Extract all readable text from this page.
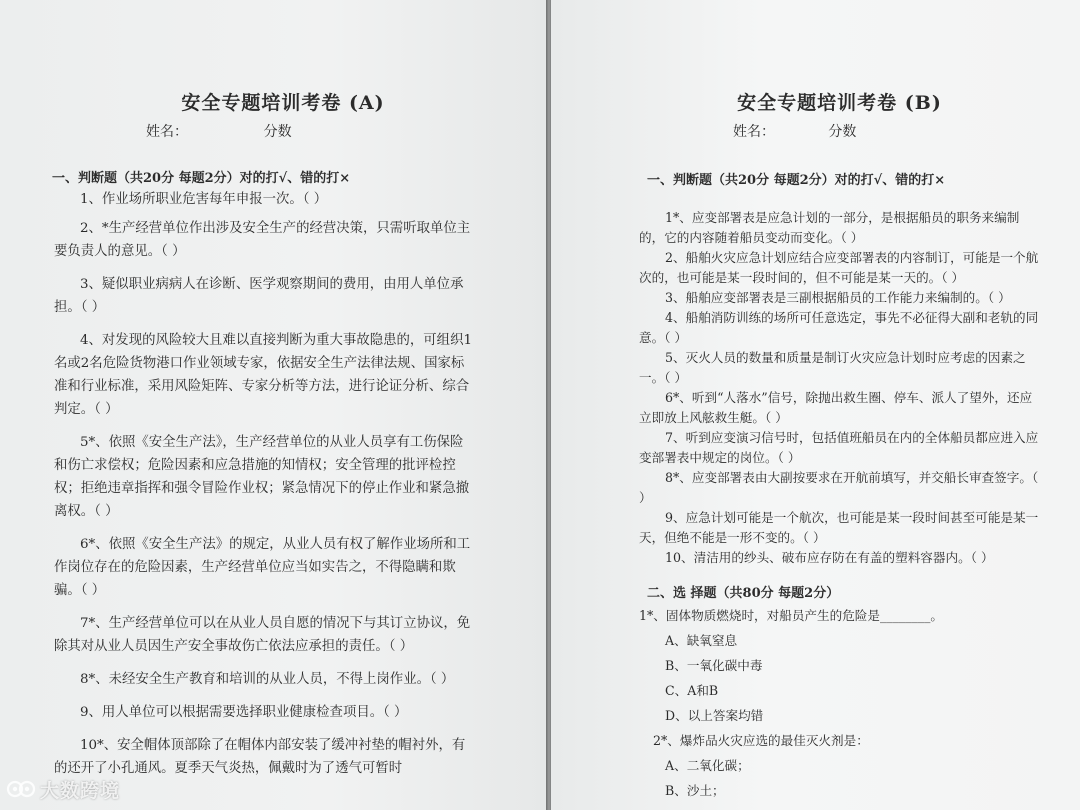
安全专题培训考卷 (A)

姓名：                 分数

一、判断题（共20分 每题2分）对的打√、错的打×

1、作业场所职业危害每年申报一次。（ ）

2、*生产经营单位作出涉及安全生产的经营决策，只需听取单位主要负责人的意见。（ ）

3、疑似职业病病人在诊断、医学观察期间的费用，由用人单位承担。（ ）

4、对发现的风险较大且难以直接判断为重大事故隐患的，可组织1名或2名危险货物港口作业领域专家，依据安全生产法律法规、国家标准和行业标准，采用风险矩阵、专家分析等方法，进行论证分析、综合判定。（ ）

5*、依照《安全生产法》，生产经营单位的从业人员享有工伤保险和伤亡求偿权；危险因素和应急措施的知情权；安全管理的批评检控权；拒绝违章指挥和强令冒险作业权；紧急情况下的停止作业和紧急撤离权。（ ）

6*、依照《安全生产法》的规定，从业人员有权了解作业场所和工作岗位存在的危险因素，生产经营单位应当如实告之，不得隐瞒和欺骗。（ ）

7*、生产经营单位可以在从业人员自愿的情况下与其订立协议，免除其对从业人员因生产安全事故伤亡依法应承担的责任。（ ）

8*、未经安全生产教育和培训的从业人员，不得上岗作业。（ ）

9、用人单位可以根据需要选择职业健康检查项目。（ ）

10*、安全帽体顶部除了在帽体内部安装了缓冲衬垫的帽衬外，有的还开了小孔通风。夏季天气炎热，佩戴时为了透气可暂时

安全专题培训考卷 (B)

姓名：            分数

一、判断题（共20分 每题2分）对的打√、错的打×

1*、应变部署表是应急计划的一部分，是根据船员的职务来编制的，它的内容随着船员变动而变化。（ ）

2、船舶火灾应急计划应结合应变部署表的内容制订，可能是一个航次的，也可能是某一段时间的，但不可能是某一天的。（ ）

3、船舶应变部署表是三副根据船员的工作能力来编制的。（ ）

4、船舶消防训练的场所可任意选定，事先不必征得大副和老轨的同意。（ ）

5、灭火人员的数量和质量是制订火灾应急计划时应考虑的因素之一。（ ）

6*、听到“人落水”信号，除抛出救生圈、停车、派人了望外，还应立即放上风舷救生艇。（ ）

7、听到应变演习信号时，包括值班船员在内的全体船员都应进入应变部署表中规定的岗位。（ ）

8*、应变部署表由大副按要求在开航前填写，并交船长审查签字。（ ）

9、应急计划可能是一个航次，也可能是某一段时间甚至可能是某一天，但绝不能是一形不变的。（ ）

10、清洁用的纱头、破布应存防在有盖的塑料容器内。（ ）

二、选 择题（共80分 每题2分）

1*、固体物质燃烧时，对船员产生的危险是________。

A、缺氧窒息

B、一氧化碳中毒

C、A和B

D、以上答案均错

2*、爆炸品火灾应选的最佳灭火剂是：

A、二氧化碳；

B、沙土；

大数跨境
